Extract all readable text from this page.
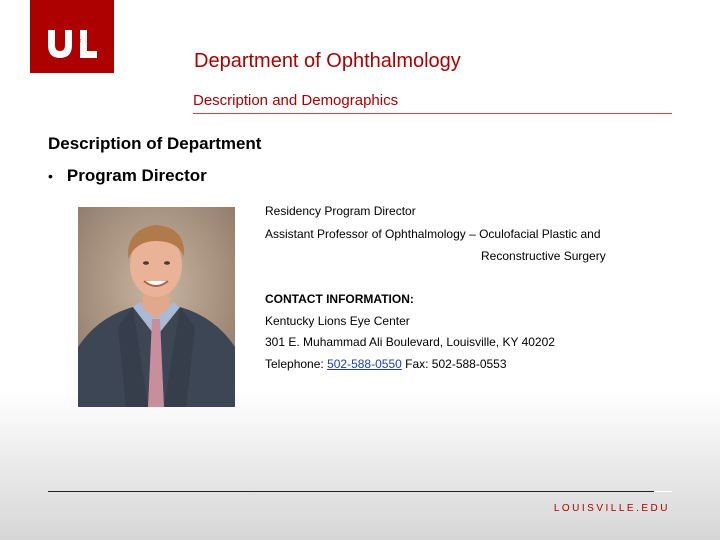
OF
Department of Ophthalmology
Description and Demographics
Description of Department
• Program Director
Residency Program Director
Assistant Professor of Ophthalmology – Oculofacial Plastic and
Reconstructive Surgery
CONTACT INFORMATION:
Kentucky Lions Eye Center
301 E. Muhammad Ali Boulevard, Louisville, KY 40202
Telephone: 502-588-0550 Fax: 502-588-0553
LOUISVILLE.EDU
